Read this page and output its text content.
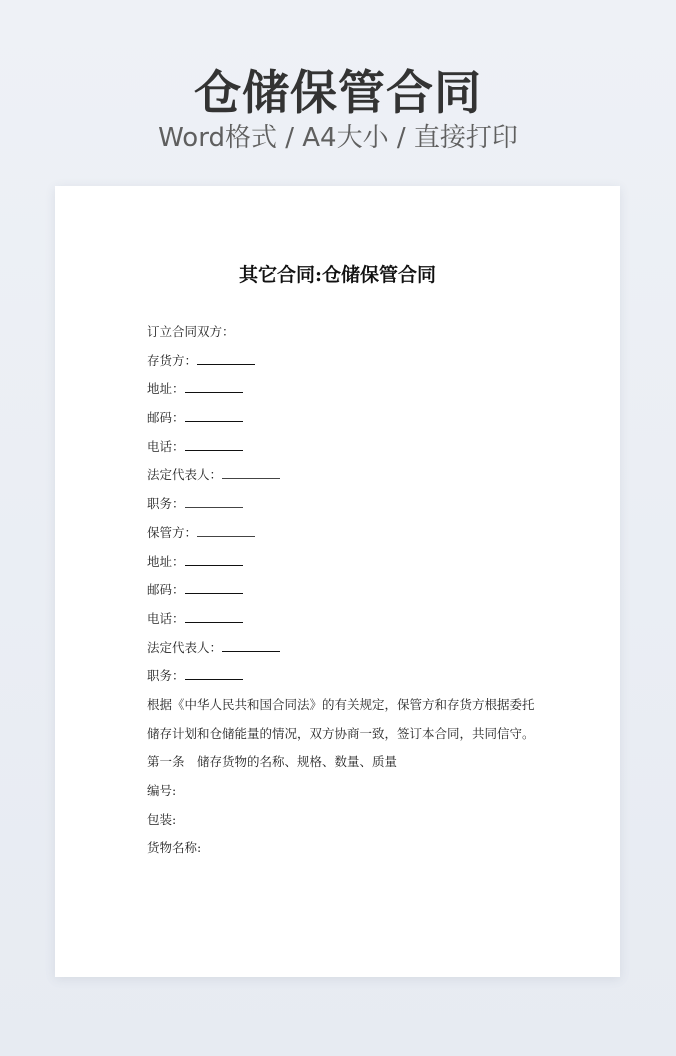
仓储保管合同
Word格式 / A4大小 / 直接打印
其它合同:仓储保管合同
订立合同双方：
存货方：
地址：
邮码：
电话：
法定代表人：
职务：
保管方：
地址：
邮码：
电话：
法定代表人：
职务：
根据《中华人民共和国合同法》的有关规定，保管方和存货方根据委托储存计划和仓储能量的情况，双方协商一致，签订本合同，共同信守。
第一条　储存货物的名称、规格、数量、质量
编号:
包装:
货物名称:
